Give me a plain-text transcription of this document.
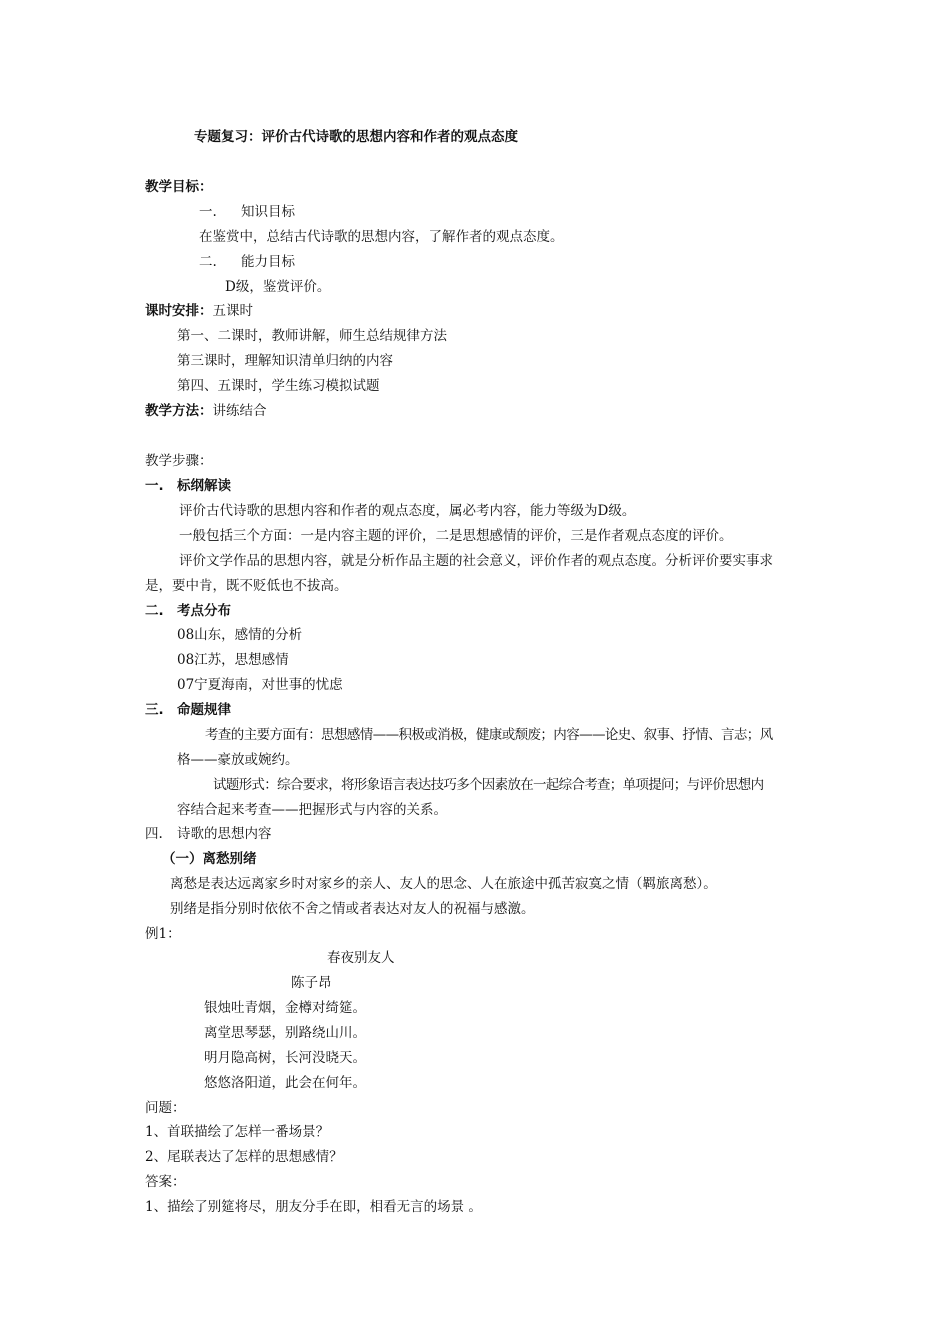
专题复习：评价古代诗歌的思想内容和作者的观点态度
教学目标：
一. 知识目标
在鉴赏中，总结古代诗歌的思想内容，了解作者的观点态度。
二. 能力目标
D级，鉴赏评价。
课时安排：五课时
第一、二课时，教师讲解，师生总结规律方法
第三课时，理解知识清单归纳的内容
第四、五课时，学生练习模拟试题
教学方法：讲练结合
教学步骤：
一. 标纲解读
评价古代诗歌的思想内容和作者的观点态度，属必考内容，能力等级为D级。
一般包括三个方面：一是内容主题的评价，二是思想感情的评价，三是作者观点态度的评价。
评价文学作品的思想内容，就是分析作品主题的社会意义，评价作者的观点态度。分析评价要实事求
是，要中肯，既不贬低也不拔高。
二. 考点分布
08山东，感情的分析
08江苏，思想感情
07宁夏海南，对世事的忧虑
三. 命题规律
考查的主要方面有：思想感情——积极或消极，健康或颓废；内容——论史、叙事、抒情、言志；风
格——豪放或婉约。
试题形式：综合要求，将形象语言表达技巧多个因素放在一起综合考查；单项提问；与评价思想内
容结合起来考查——把握形式与内容的关系。
四. 诗歌的思想内容
（一）离愁别绪
离愁是表达远离家乡时对家乡的亲人、友人的思念、人在旅途中孤苦寂寞之情（羁旅离愁）。
别绪是指分别时依依不舍之情或者表达对友人的祝福与感激。
例1：
春夜别友人
陈子昂
银烛吐青烟，金樽对绮筵。
离堂思琴瑟，别路绕山川。
明月隐高树，长河没晓天。
悠悠洛阳道，此会在何年。
问题：
1、首联描绘了怎样一番场景？
2、尾联表达了怎样的思想感情？
答案：
1、描绘了别筵将尽，朋友分手在即，相看无言的场景 。
